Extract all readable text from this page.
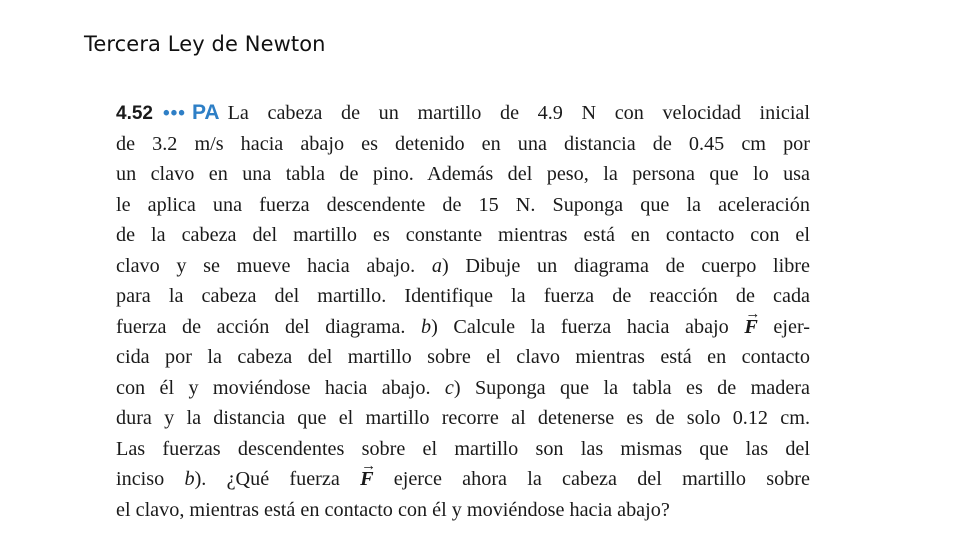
Tercera Ley de Newton
4.52 ••• PA La cabeza de un martillo de 4.9 N con velocidad inicial
de 3.2 m/s hacia abajo es detenido en una distancia de 0.45 cm por
un clavo en una tabla de pino. Además del peso, la persona que lo usa
le aplica una fuerza descendente de 15 N. Suponga que la aceleración
de la cabeza del martillo es constante mientras está en contacto con el
clavo y se mueve hacia abajo. a) Dibuje un diagrama de cuerpo libre
para la cabeza del martillo. Identifique la fuerza de reacción de cada
fuerza de acción del diagrama. b) Calcule la fuerza hacia abajo → F ejer-
cida por la cabeza del martillo sobre el clavo mientras está en contacto
con él y moviéndose hacia abajo. c) Suponga que la tabla es de madera
dura y la distancia que el martillo recorre al detenerse es de solo 0.12 cm.
Las fuerzas descendentes sobre el martillo son las mismas que las del
inciso b). ¿Qué fuerza → F ejerce ahora la cabeza del martillo sobre
el clavo, mientras está en contacto con él y moviéndose hacia abajo?
